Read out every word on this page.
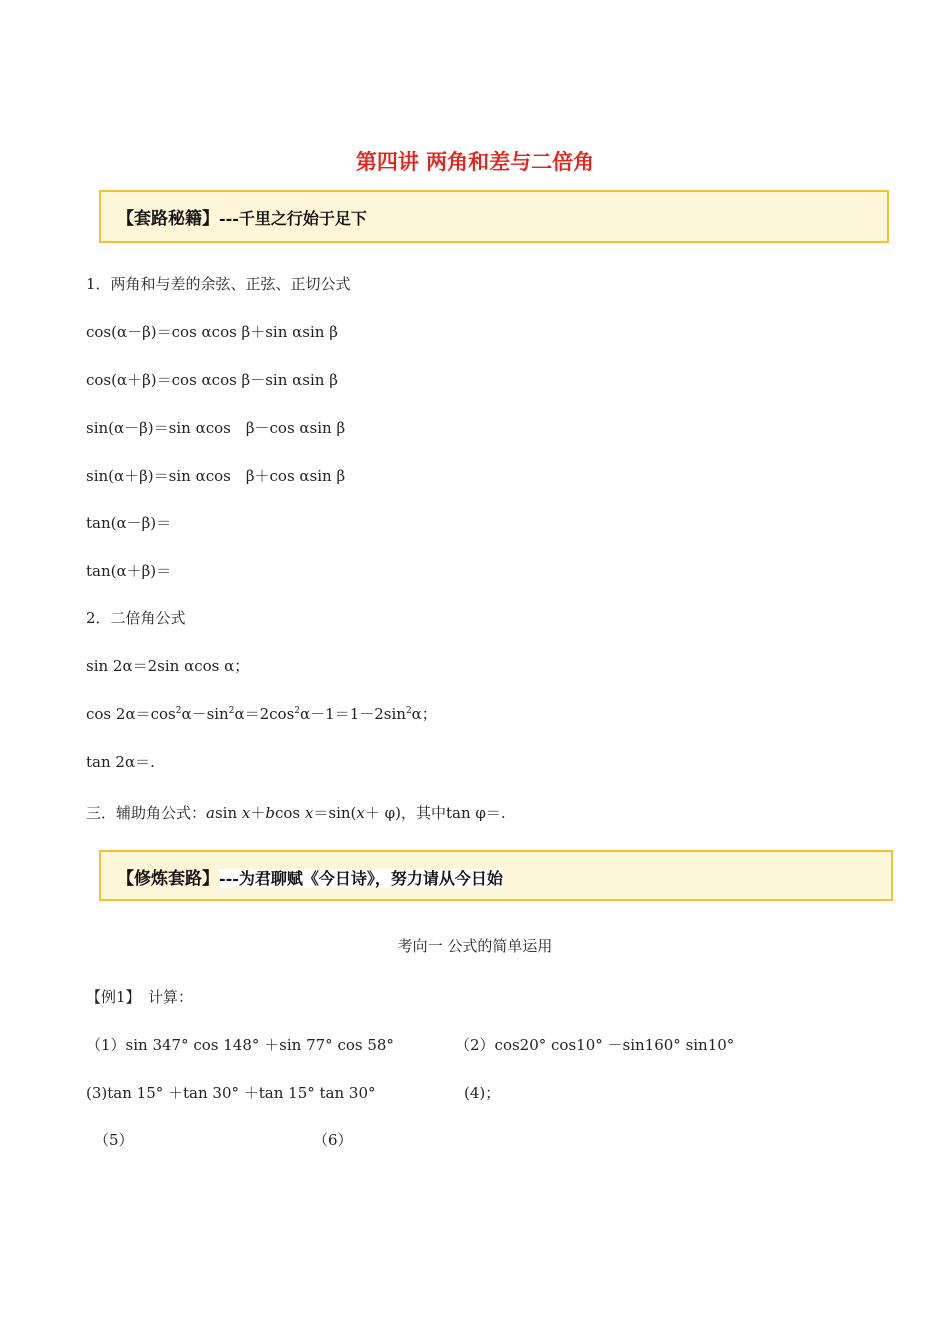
第四讲 两角和差与二倍角
【套路秘籍】---千里之行始于足下
1．两角和与差的余弦、正弦、正切公式
cos(α－β)＝cos αcos β＋sin αsin β
cos(α＋β)＝cos αcos β－sin αsin β
sin(α－β)＝sin αcos　β－cos αsin β
sin(α＋β)＝sin αcos　β＋cos αsin β
tan(α－β)＝
tan(α＋β)＝
2．二倍角公式
sin 2α＝2sin αcos α；
$\cos 2\alpha=\cos^2\alpha-\sin^2\alpha=2\cos^2\alpha-1=1-2\sin^2\alpha$；
tan 2α＝.
三．辅助角公式：asin x＋bcos x＝sin(x＋ φ)，其中tan φ＝.
【修炼套路】---为君聊赋《今日诗》，努力请从今日始
考向一 公式的简单运用
【例1】　计算：
（1）sin 347° cos 148° ＋sin 77° cos 58°	（2）cos20° cos10° －sin160° sin10°
(3)tan 15° ＋tan 30° ＋tan 15° tan 30°	(4)；
（5）	（6）
